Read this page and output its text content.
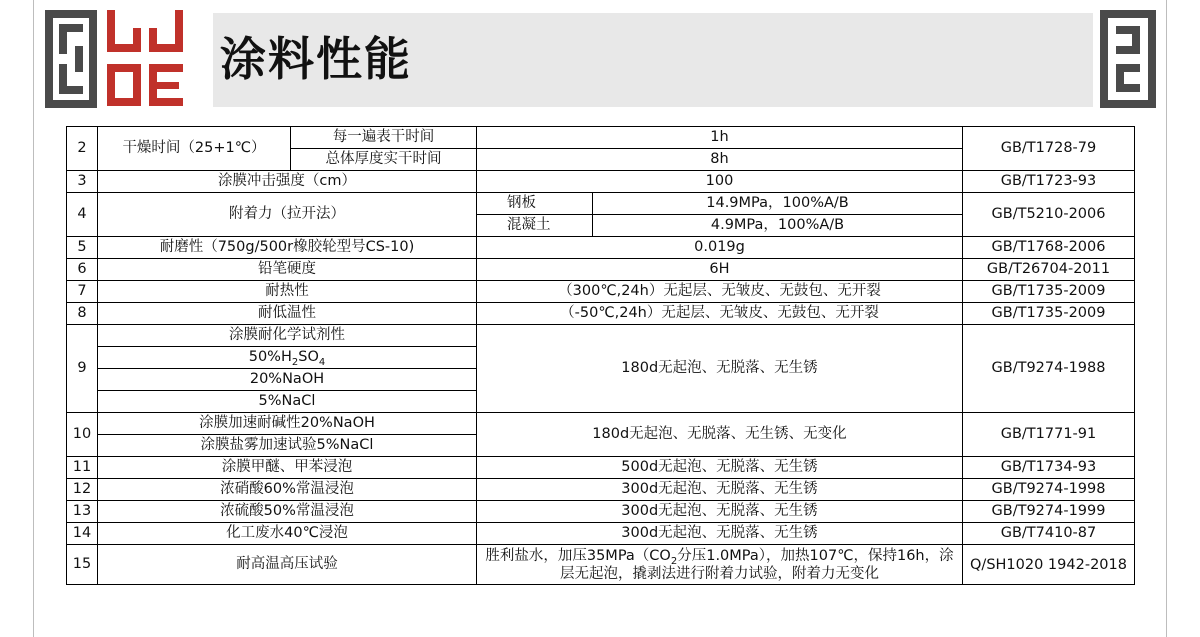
涂料性能
2	干燥时间（25+1℃）	每一遍表干时间	1h		GB/T1728-79
		总体厚度实干时间	8h		
3	涂膜冲击强度（cm）		100		GB/T1723-93
4	附着力（拉开法）		钢板	14.9MPa，100%A/B	GB/T5210-2006
			混凝土	4.9MPa，100%A/B	
5	耐磨性（750g/500r橡胶轮型号CS-10)		0.019g		GB/T1768-2006
6	铅笔硬度		6H		GB/T26704-2011
7	耐热性		（300℃,24h）无起层、无皱皮、无鼓包、无开裂		GB/T1735-2009
8	耐低温性		（-50℃,24h）无起层、无皱皮、无鼓包、无开裂		GB/T1735-2009
9	涂膜耐化学试剂性		180d无起泡、无脱落、无生锈		GB/T9274-1988
	$50\%H_2SO_4$
	20%NaOH				
	5%NaCl				
10	涂膜加速耐碱性20%NaOH		180d无起泡、无脱落、无生锈、无变化		GB/T1771-91
	涂膜盐雾加速试验5%NaCl				
11	涂膜甲醚、甲苯浸泡		500d无起泡、无脱落、无生锈		GB/T1734-93
12	浓硝酸60%常温浸泡		300d无起泡、无脱落、无生锈		GB/T9274-1998
13	浓硫酸50%常温浸泡		300d无起泡、无脱落、无生锈		GB/T9274-1999
14	化工废水40℃浸泡		300d无起泡、无脱落、无生锈		GB/T7410-87
15	耐高温高压试验		胜利盐水，加压$35MPa(CO_2$分压1.0MPa），加热107℃，保持16h，涂层无起泡，撬剥法进行附着力试验，附着力无变化		Q/SH1020 1942-2018
